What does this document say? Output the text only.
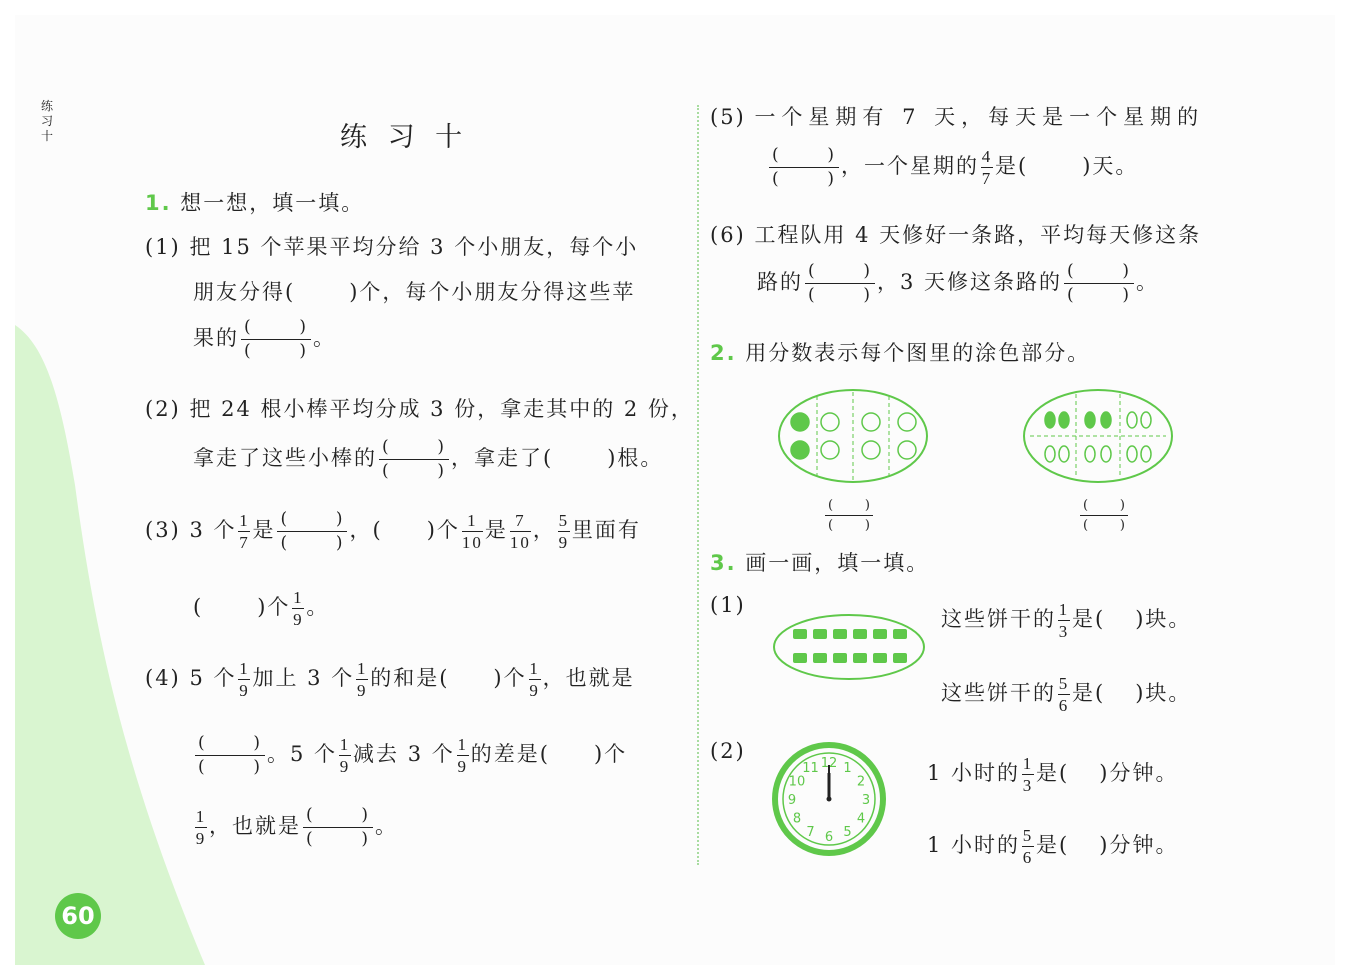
练习十	练 习 十
1. 想一想，填一填。
(1) 把 15 个苹果平均分给 3 个小朋友，每个小
朋友分得(	)个，每个小朋友分得这些苹
果的 (	)
(	)
。
(2) 把 24 根小棒平均分成 3 份，拿走其中的 2 份，
拿走了这些小棒的 (	)
(	)
，拿走了(	)根。
(3) 3 个 $\frac{1}{7}$ 是 (	)
(	)
，( )个 $\frac{1}{10}$ 是 $\frac{7}{10}$ ， $\frac{5}{9}$ 里面有
(	)个 $\frac{1}{9}$ 。
(4) 5 个 $\frac{1}{9}$ 加上 3 个 $\frac{1}{9}$ 的和是( )个 $\frac{1}{9}$ ，也就是
(	)
(	)
。5 个 $\frac{1}{9}$ 减去 3 个 $\frac{1}{9}$ 的差是( )个
$\frac{1}{9}$ ，也就是 (	)
(	)
。
(5) 一个星期有 7 天，每天是一个星期的
(	)
(	)
，一个星期的 $\frac{4}{7}$ 是(	)天。
(6) 工程队用 4 天修好一条路，平均每天修这条
路的 (	)
(	)
，3 天修这条路的 (	)
(	)
。
2. 用分数表示每个图里的涂色部分。
( )
( )
( )
( )
3. 画一画，填一填。
(1)
这些饼干的 $\frac{1}{3}$ 是( )块。
这些饼干的 $\frac{5}{6}$ 是( )块。
(2)
12 1
2
3
4
5
6
7
8
9
10
11	1 小时的 $\frac{1}{3}$ 是( )分钟。
1 小时的 $\frac{5}{6}$ 是( )分钟。
60
